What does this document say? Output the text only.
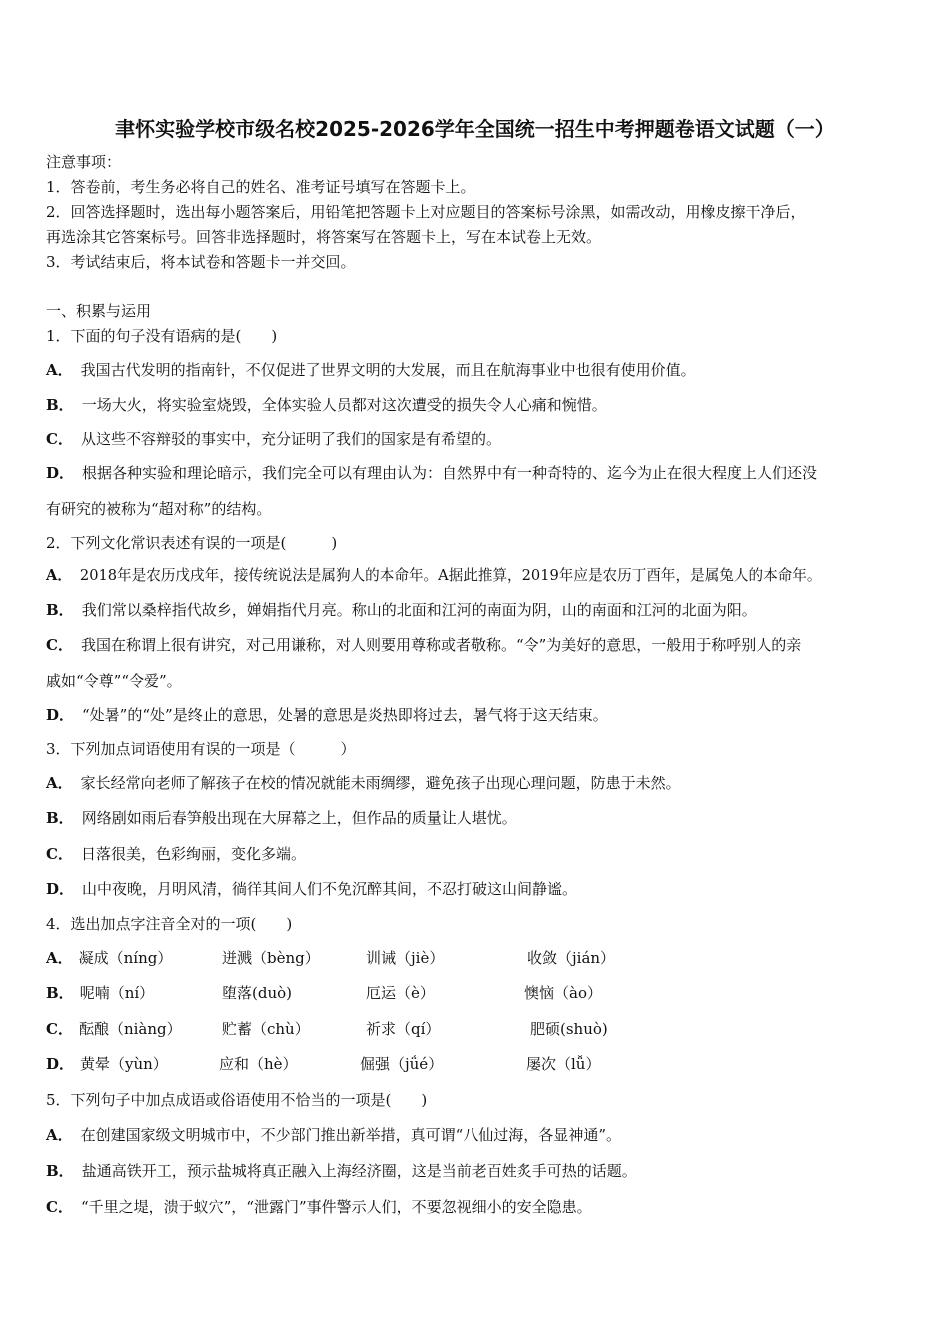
聿怀实验学校市级名校2025-2026学年全国统一招生中考押题卷语文试题（一）
注意事项：
1．答卷前，考生务必将自己的姓名、准考证号填写在答题卡上。
2．回答选择题时，选出每小题答案后，用铅笔把答题卡上对应题目的答案标号涂黑，如需改动，用橡皮擦干净后，
再选涂其它答案标号。回答非选择题时，将答案写在答题卡上，写在本试卷上无效。
3．考试结束后，将本试卷和答题卡一并交回。
一、积累与运用
1．下面的句子没有语病的是(　　)
A． 我国古代发明的指南针，不仅促进了世界文明的大发展，而且在航海事业中也很有使用价值。
B． 一场大火，将实验室烧毁，全体实验人员都对这次遭受的损失令人心痛和惋惜。
C． 从这些不容辩驳的事实中，充分证明了我们的国家是有希望的。
D． 根据各种实验和理论暗示，我们完全可以有理由认为：自然界中有一种奇特的、迄今为止在很大程度上人们还没
有研究的被称为“超对称”的结构。
2．下列文化常识表述有误的一项是(　　　)
A． 2018年是农历戊戌年，接传统说法是属狗人的本命年。A据此推算，2019年应是农历丁酉年，是属兔人的本命年。
B． 我们常以桑梓指代故乡，婵娟指代月亮。称山的北面和江河的南面为阴，山的南面和江河的北面为阳。
C． 我国在称谓上很有讲究，对己用谦称，对人则要用尊称或者敬称。“令”为美好的意思，一般用于称呼别人的亲
戚如“令尊”“令爱”。
D． “处暑”的“处”是终止的意思，处暑的意思是炎热即将过去，暑气将于这天结束。
3．下列加点词语使用有误的一项是（　　　）
A． 家长经常向老师了解孩子在校的情况就能未雨绸缪，避免孩子出现心理问题，防患于未然。
B． 网络剧如雨后春笋般出现在大屏幕之上，但作品的质量让人堪忧。
C． 日落很美，色彩绚丽，变化多端。
D． 山中夜晚，月明风清，徜徉其间人们不免沉醉其间，不忍打破这山间静谧。
4．选出加点字注音全对的一项(　　)
A． 凝成（níng）	迸溅（bèng）	训诫（jiè）	收敛（jián）
B． 呢喃（ní）	堕落(duò)	厄运（è）	懊恼（ào）
C． 酝酿（niàng）	贮蓄（chù）	祈求（qí）	肥硕(shuò)
D． 黄晕（yùn）	应和（hè）	倔强（jǘé）	屡次（lǚ）
5．下列句子中加点成语或俗语使用不恰当的一项是(　　)
A． 在创建国家级文明城市中，不少部门推出新举措，真可谓“八仙过海，各显神通”。
B． 盐通高铁开工，预示盐城将真正融入上海经济圈，这是当前老百姓炙手可热的话题。
C． “千里之堤，溃于蚁穴”，“泄露门”事件警示人们，不要忽视细小的安全隐患。
